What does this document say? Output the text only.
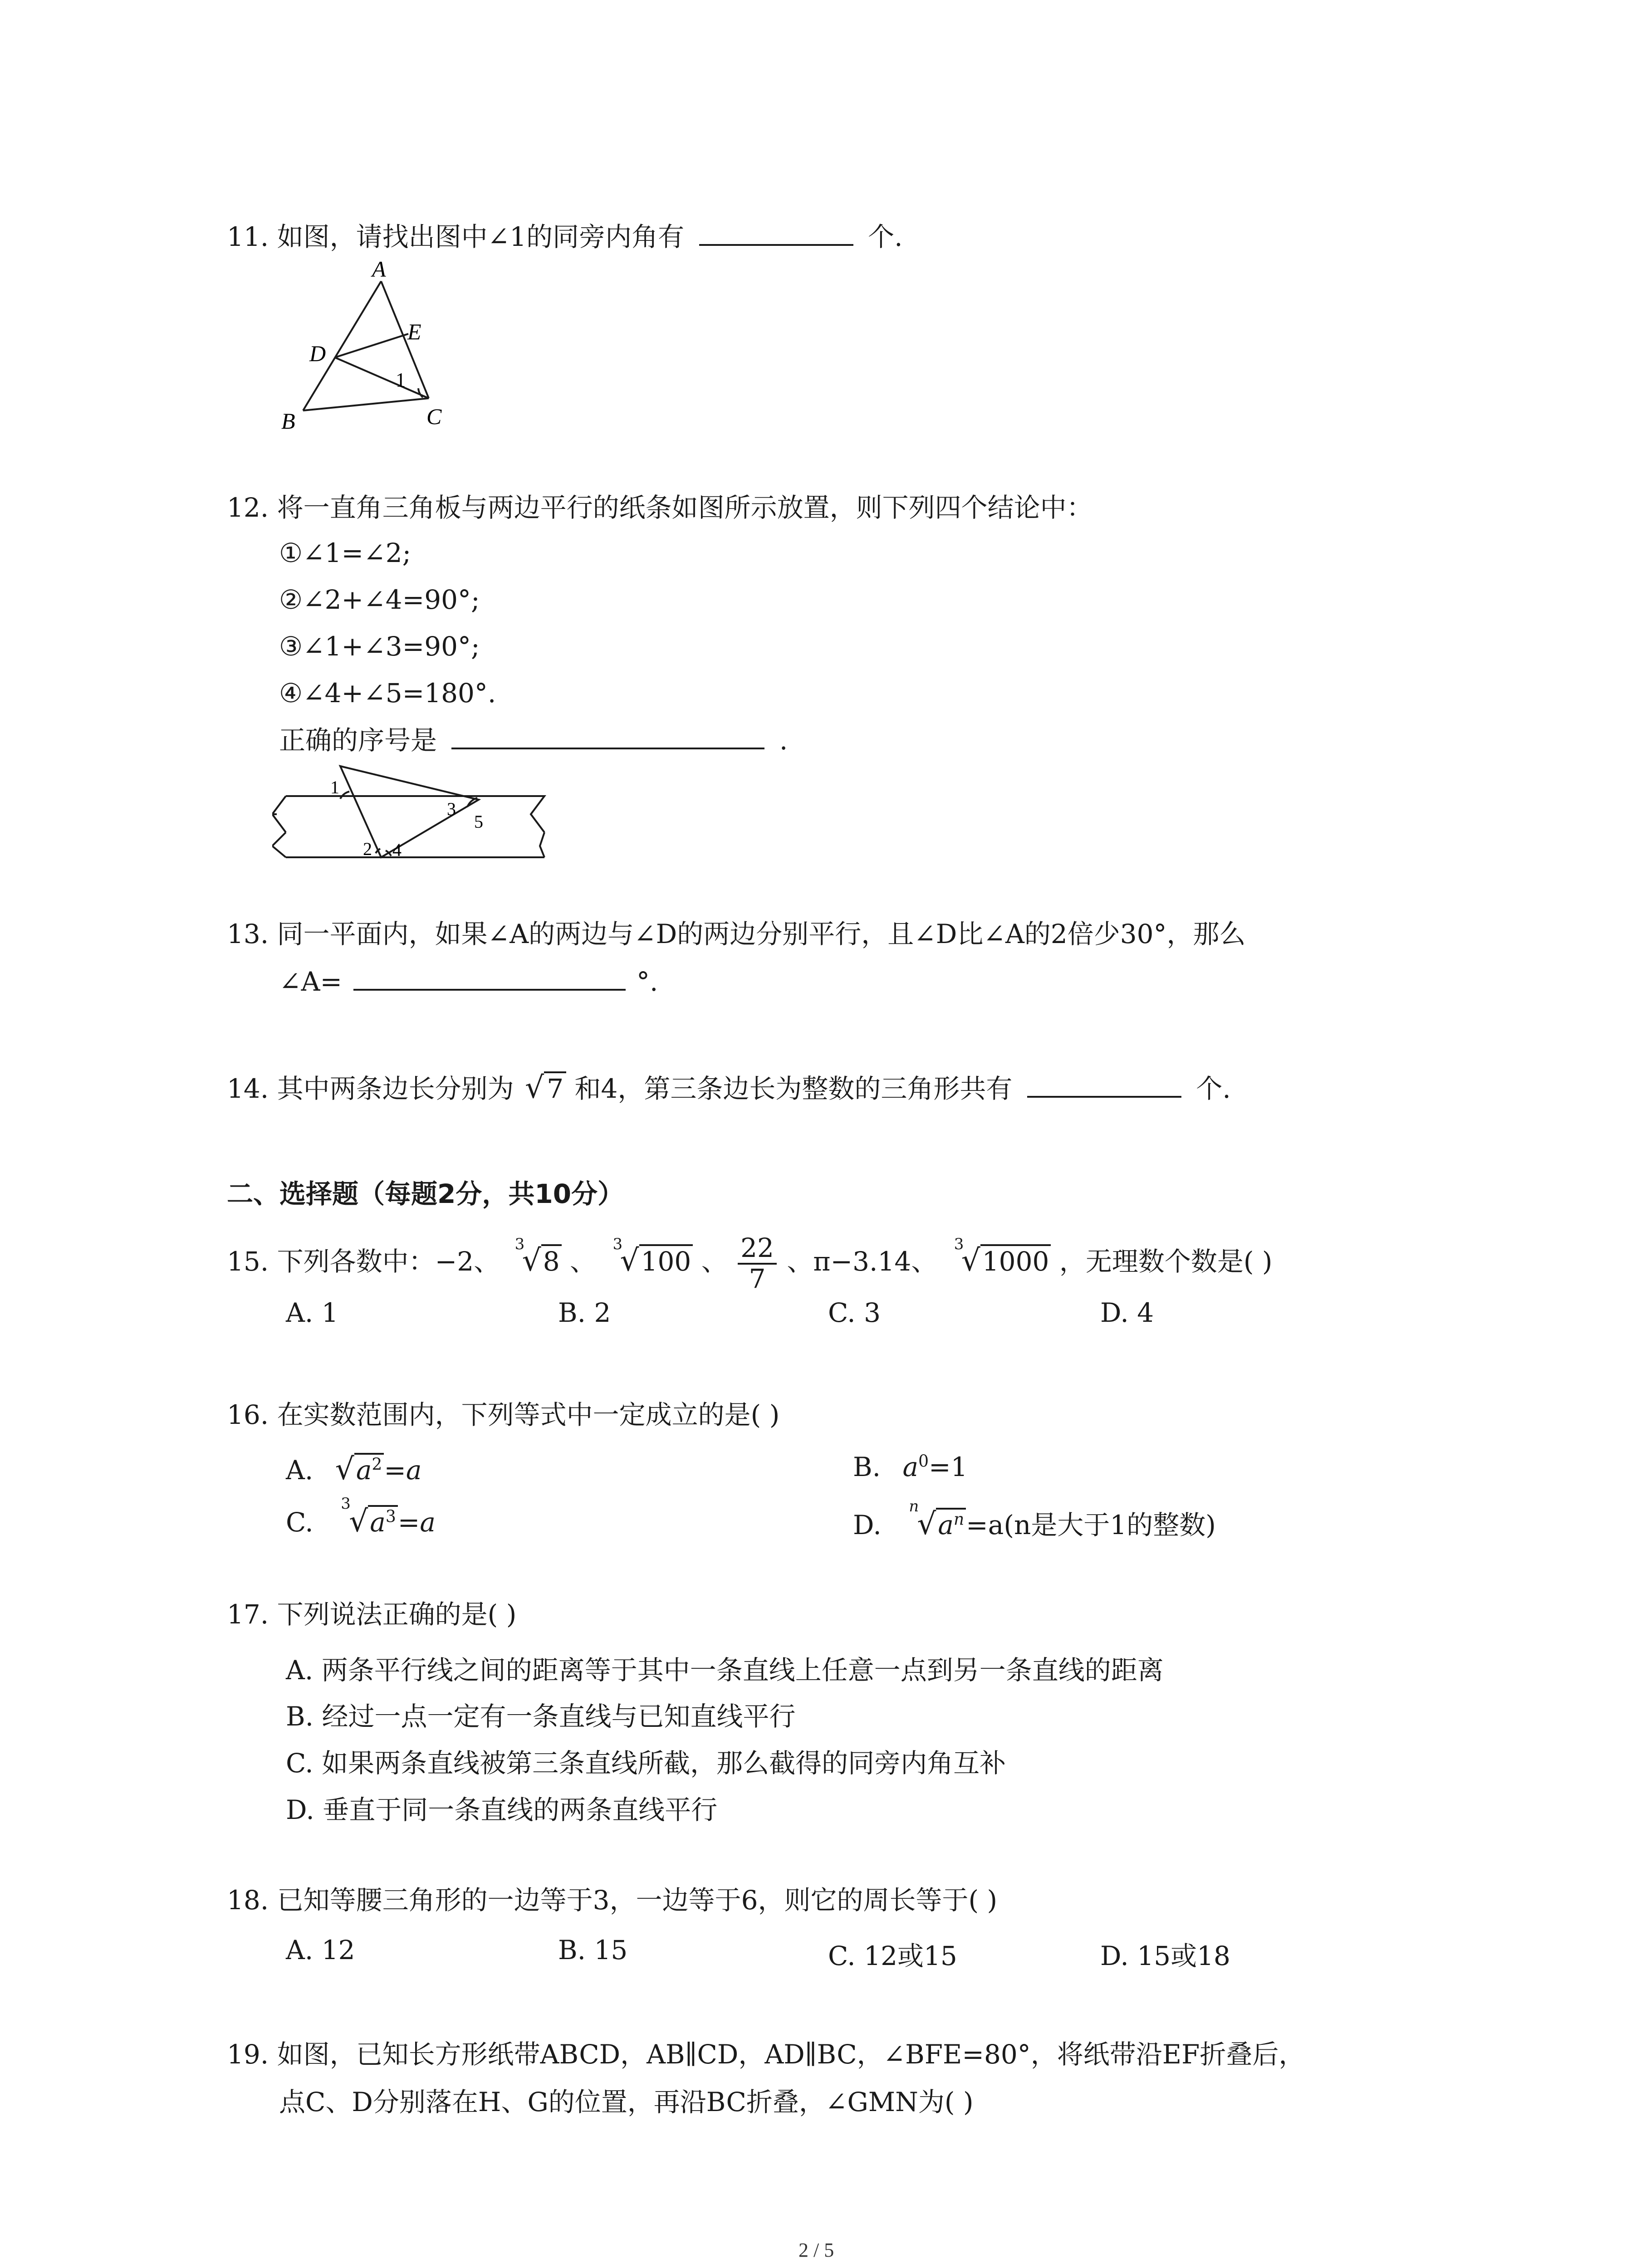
11. 如图，请找出图中∠1的同旁内角有	个.
A
E
D
1
B	C
12. 将一直角三角板与两边平行的纸条如图所示放置，则下列四个结论中：
①∠1=∠2;
②∠2+∠4=90°;
③∠1+∠3=90°;
④∠4+∠5=180°.
正确的序号是	.
1
3
5
2 4
13. 同一平面内，如果∠A的两边与∠D的两边分别平行，且∠D比∠A的2倍少30°，那么
∠A=	°.
14. 其中两条边长分别为 √ 7 和4，第三条边长为整数的三角形共有	个.
二、选择题（每题2分，共10分）
15. 下列各数中：−2、
3
√8 、
3
√100 、 $\frac{22}{7}$ 、π−3.14、
3
√1000 ，无理数个数是( )
A. 1	B. 2	C. 3	D. 4
16. 在实数范围内，下列等式中一定成立的是( )
A. $√a^2=a$	B. $a^0=1$
C.
3
$√a^3=a$	D.
n
$√a^n=a(n$是大于1的整数)
17. 下列说法正确的是( )
A. 两条平行线之间的距离等于其中一条直线上任意一点到另一条直线的距离
B. 经过一点一定有一条直线与已知直线平行
C. 如果两条直线被第三条直线所截，那么截得的同旁内角互补
D. 垂直于同一条直线的两条直线平行
18. 已知等腰三角形的一边等于3，一边等于6，则它的周长等于( )
A. 12	B. 15	C. 12或15	D. 15或18
19. 如图，已知长方形纸带ABCD，AB∥CD，AD∥BC，∠BFE=80°，将纸带沿EF折叠后，
点C、D分别落在H、G的位置，再沿BC折叠，∠GMN为( )
2 / 5
